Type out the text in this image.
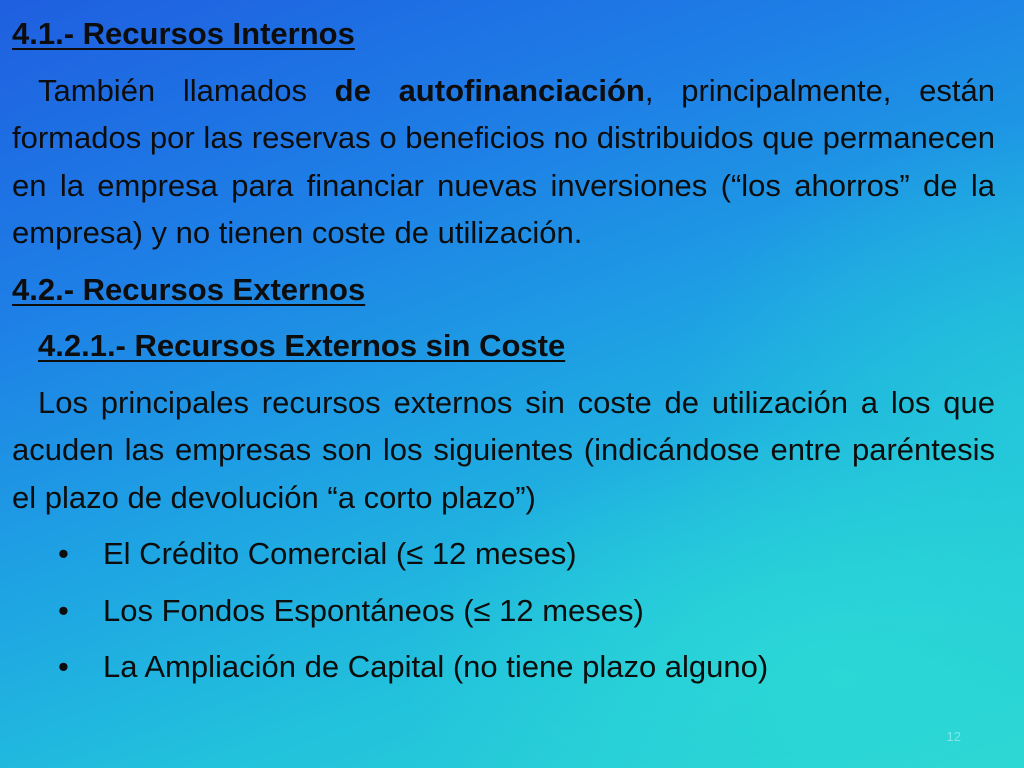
4.1.- Recursos Internos

También llamados de autofinanciación, principalmente, están formados por las reservas o beneficios no distribuidos que permanecen en la empresa para financiar nuevas inversiones (“los ahorros” de la empresa) y no tienen coste de utilización.

4.2.- Recursos Externos
4.2.1.- Recursos Externos sin Coste

Los principales recursos externos sin coste de utilización a los que acuden las empresas son los siguientes (indicándose entre paréntesis el plazo de devolución “a corto plazo”)

• El Crédito Comercial (≤ 12 meses)
• Los Fondos Espontáneos (≤ 12 meses)
• La Ampliación de Capital (no tiene plazo alguno)
12
